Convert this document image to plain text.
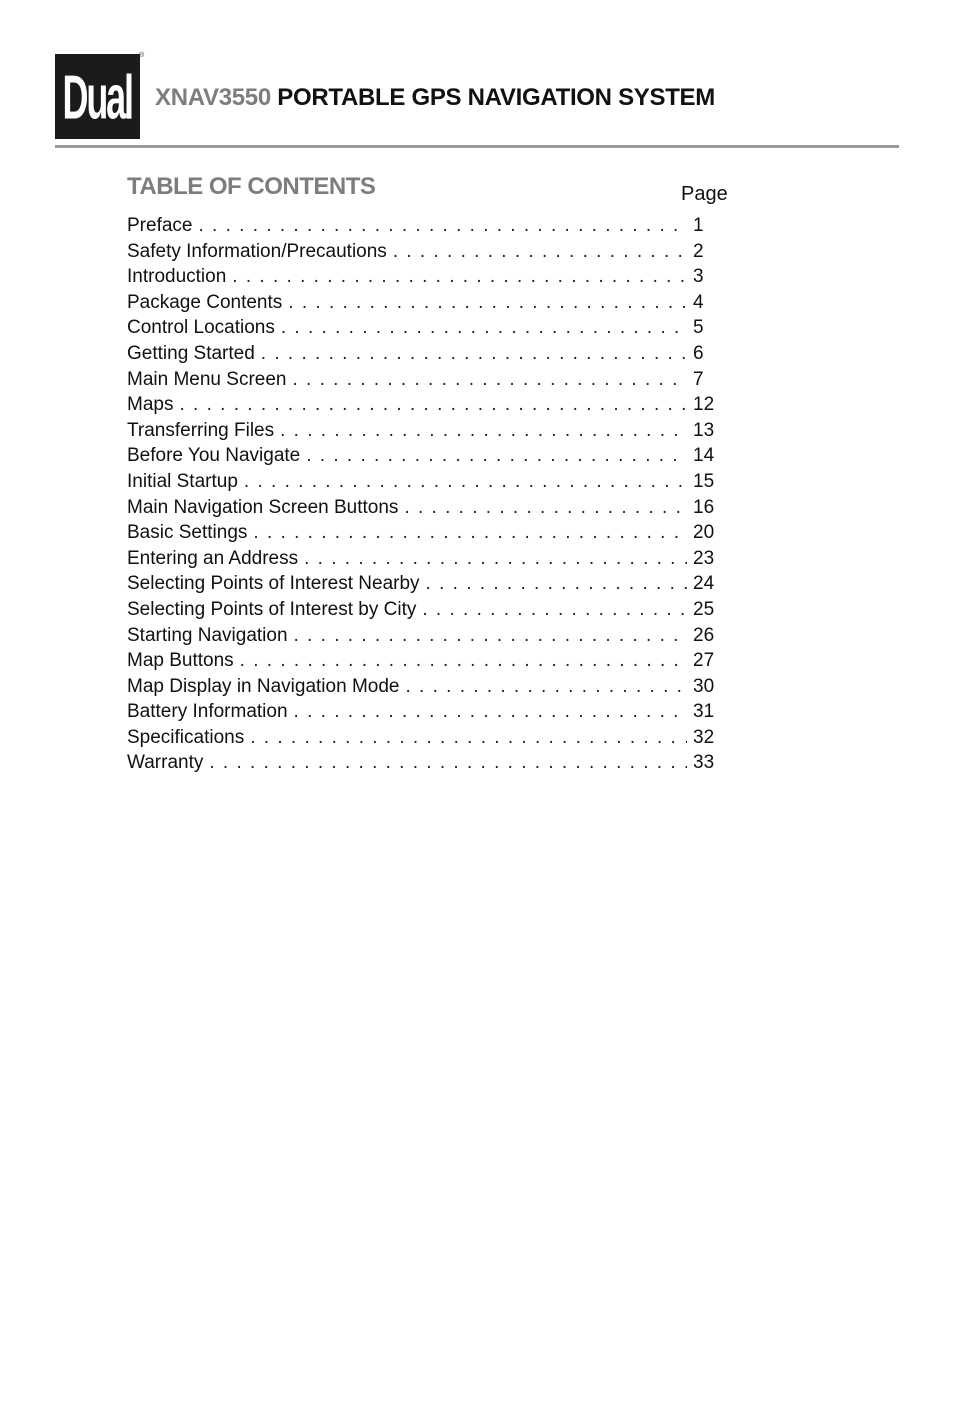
Dual
®
XNAV3550 PORTABLE GPS NAVIGATION SYSTEM
TABLE OF CONTENTS	Page
Preface . . .	1
Safety Information/Precautions . . .	2
Introduction . . .	3
Package Contents . . .	4
Control Locations . . .	5
Getting Started . . .	6
Main Menu Screen . . .	7
Maps . . .	12
Transferring Files . . .	13
Before You Navigate . . .	14
Initial Startup . . .	15
Main Navigation Screen Buttons . . .	16
Basic Settings . . .	20
Entering an Address . . .	23
Selecting Points of Interest Nearby . . .	24
Selecting Points of Interest by City . . .	25
Starting Navigation . . .	26
Map Buttons . . .	27
Map Display in Navigation Mode . . .	30
Battery Information . . .	31
Specifications . . .	32
Warranty . . .	33
